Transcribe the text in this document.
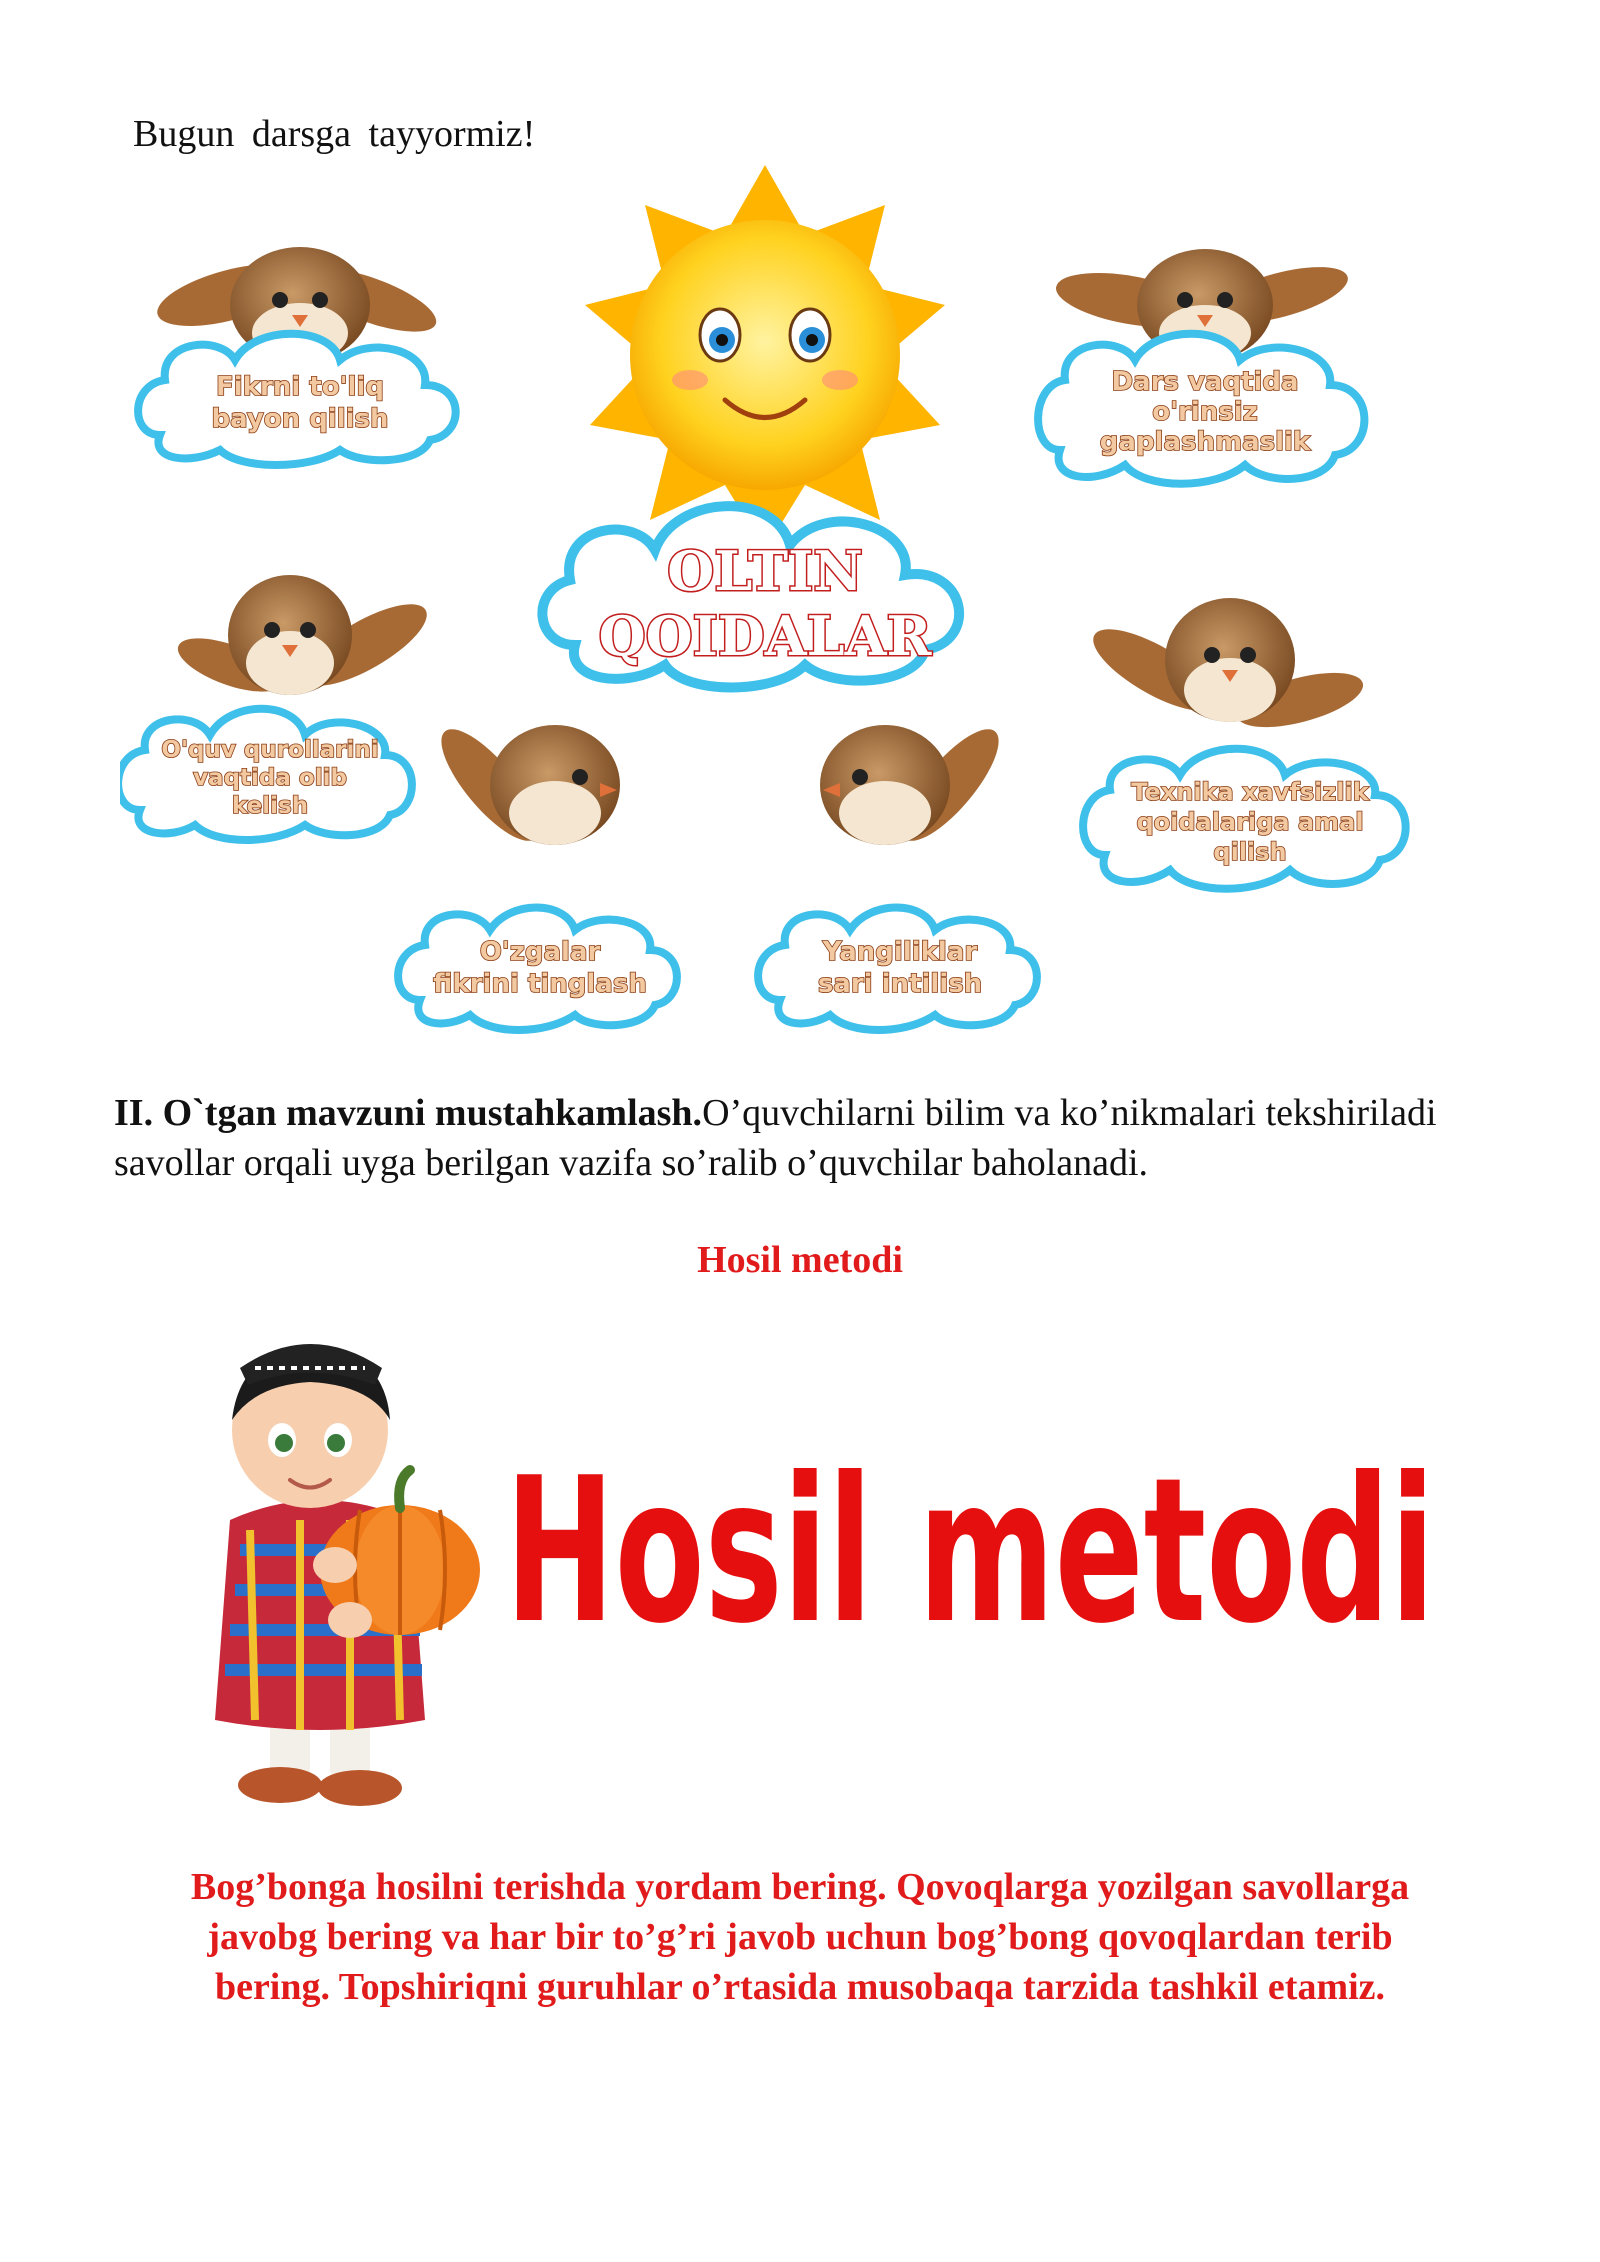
Bugun darsga tayyormiz!
OLTIN
QOIDALAR
Fikrni to'liq
bayon qilish
Dars vaqtida
o'rinsiz
gaplashmaslik
O'quv qurollarini
vaqtida olib
kelish	Texnika xavfsizlik
qoidalariga amal
qilish
O'zgalar
fikrini tinglash
Yangiliklar
sari intilish
II. O`tgan mavzuni mustahkamlash.O’quvchilarni bilim va ko’nikmalari tekshiriladi savollar orqali uyga berilgan vazifa so’ralib o’quvchilar baholanadi.
Hosil metodi
Hosil metodi
Bog’bonga hosilni terishda yordam bering. Qovoqlarga yozilgan savollarga javobg bering va har bir to’g’ri javob uchun bog’bong qovoqlardan terib bering. Topshiriqni guruhlar o’rtasida musobaqa tarzida tashkil etamiz.
